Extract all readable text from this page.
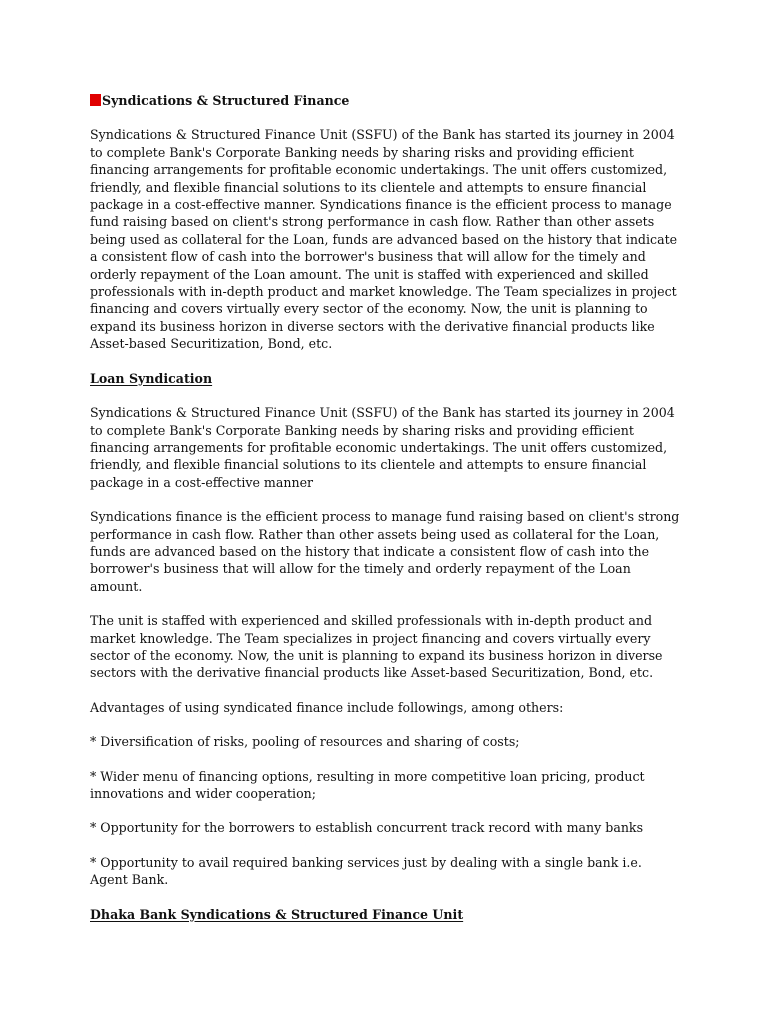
Syndications & Structured Finance

Syndications & Structured Finance Unit (SSFU) of the Bank has started its journey in 2004 to complete Bank's Corporate Banking needs by sharing risks and providing efficient financing arrangements for profitable economic undertakings. The unit offers customized, friendly, and flexible financial solutions to its clientele and attempts to ensure financial package in a cost-effective manner. Syndications finance is the efficient process to manage fund raising based on client's strong performance in cash flow. Rather than other assets being used as collateral for the Loan, funds are advanced based on the history that indicate a consistent flow of cash into the borrower's business that will allow for the timely and orderly repayment of the Loan amount. The unit is staffed with experienced and skilled professionals with in-depth product and market knowledge. The Team specializes in project financing and covers virtually every sector of the economy. Now, the unit is planning to expand its business horizon in diverse sectors with the derivative financial products like Asset-based Securitization, Bond, etc.

Loan Syndication

Syndications & Structured Finance Unit (SSFU) of the Bank has started its journey in 2004 to complete Bank's Corporate Banking needs by sharing risks and providing efficient financing arrangements for profitable economic undertakings. The unit offers customized, friendly, and flexible financial solutions to its clientele and attempts to ensure financial package in a cost-effective manner

Syndications finance is the efficient process to manage fund raising based on client's strong performance in cash flow. Rather than other assets being used as collateral for the Loan, funds are advanced based on the history that indicate a consistent flow of cash into the borrower's business that will allow for the timely and orderly repayment of the Loan amount.

The unit is staffed with experienced and skilled professionals with in-depth product and market knowledge. The Team specializes in project financing and covers virtually every sector of the economy. Now, the unit is planning to expand its business horizon in diverse sectors with the derivative financial products like Asset-based Securitization, Bond, etc.

Advantages of using syndicated finance include followings, among others:

* Diversification of risks, pooling of resources and sharing of costs;

* Wider menu of financing options, resulting in more competitive loan pricing, product innovations and wider cooperation;

* Opportunity for the borrowers to establish concurrent track record with many banks

* Opportunity to avail required banking services just by dealing with a single bank i.e. Agent Bank.

Dhaka Bank Syndications & Structured Finance Unit
